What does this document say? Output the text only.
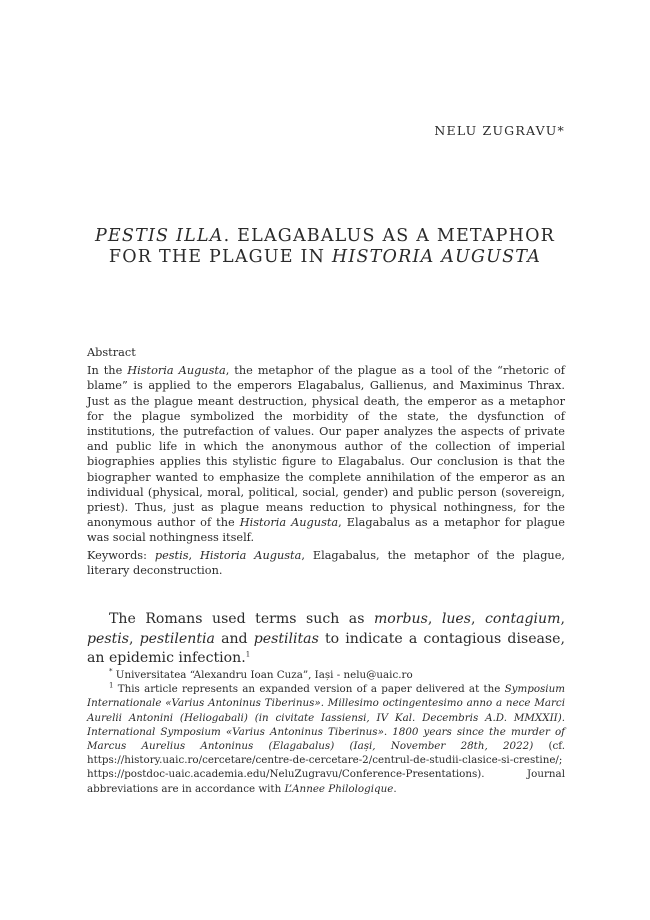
NELU ZUGRAVU*
PESTIS ILLA. ELAGABALUS AS A METAPHOR
FOR THE PLAGUE IN HISTORIA AUGUSTA

Abstract

In the Historia Augusta, the metaphor of the plague as a tool of the “rhetoric of blame” is applied to the emperors Elagabalus, Gallienus, and Maximinus Thrax. Just as the plague meant destruction, physical death, the emperor as a metaphor for the plague symbolized the morbidity of the state, the dysfunction of institutions, the putrefaction of values. Our paper analyzes the aspects of private and public life in which the anonymous author of the collection of imperial biographies applies this stylistic figure to Elagabalus. Our conclusion is that the biographer wanted to emphasize the complete annihilation of the emperor as an individual (physical, moral, political, social, gender) and public person (sovereign, priest). Thus, just as plague means reduction to physical nothingness, for the anonymous author of the Historia Augusta, Elagabalus as a metaphor for plague was social nothingness itself.

Keywords: pestis, Historia Augusta, Elagabalus, the metaphor of the plague, literary deconstruction.

The Romans used terms such as morbus, lues, contagium, pestis, pestilentia and pestilitas to indicate a contagious disease, an epidemic infection.$^1$

* Universitatea “Alexandru Ioan Cuza”, Iași - nelu@uaic.ro

$^1$ This article represents an expanded version of a paper delivered at the Symposium Internationale «Varius Antoninus Tiberinus». Millesimo octingentesimo anno a nece Marci Aurelii Antonini (Heliogabali) (in civitate Iassiensi, IV Kal. Decembris A.D. MMXXII). International Symposium «Varius Antoninus Tiberinus». 1800 years since the murder of Marcus Aurelius Antoninus (Elagabalus) (Iași, November 28th, 2022) (cf. https://history.uaic.ro/cercetare/centre-de-cercetare-2/centrul-de-studii-clasice-si-crestine/; https://postdoc-uaic.academia.edu/NeluZugravu/Conference-Presentations). Journal abbreviations are in accordance with L’Annee Philologique.
